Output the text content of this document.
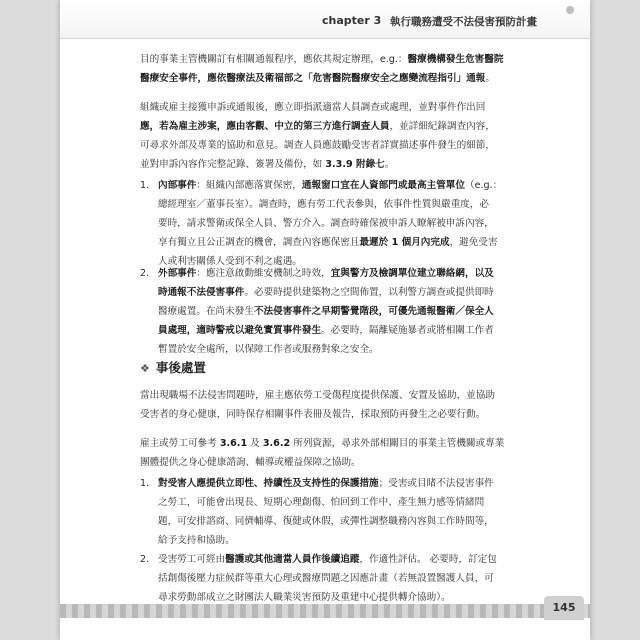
chapter 3 執行職務遭受不法侵害預防計畫
目的事業主管機關訂有相關通報程序，應依其規定辦理，e.g.：醫療機構發生危害醫院
醫療安全事件，應依醫療法及衛福部之「危害醫院醫療安全之應變流程指引」通報。
組織或雇主接獲申訴或通報後，應立即指派適當人員調查或處理，並對事件作出回
應，若為雇主涉案，應由客觀、中立的第三方進行調查人員，並詳細紀錄調查內容，
可尋求外部及專業的協助和意見。調查人員應鼓勵受害者詳實描述事件發生的細節，
並對申訴內容作完整記錄、簽署及備份，如 3.3.9 附錄七。
1. 內部事件：組織內部應落實保密，通報窗口宜在人資部門或最高主管單位（e.g.：
總經理室／董事長室）。調查時，應有勞工代表參與，依事件性質與嚴重度，必
要時，請求警衛或保全人員、警方介入。調查時確保被申訴人瞭解被申訴內容，
享有獨立且公正調查的機會，調查內容應保密且最遲於 1 個月內完成，避免受害
人或利害關係人受到不利之處遇。
2. 外部事件：應注意啟動維安機制之時效，宜與警方及檢調單位建立聯絡網，以及
時通報不法侵害事件。必要時提供建築物之空間佈置，以利警方調查或提供即時
醫療處置。在尚未發生不法侵害事件之早期警覺階段，可優先通報醫衛／保全人
員處理，適時警戒以避免實質事件發生。必要時，隔離疑施暴者或將相關工作者
暫置於安全處所，以保障工作者或服務對象之安全。
❖ 事後處置
當出現職場不法侵害問題時，雇主應依勞工受傷程度提供保護、安置及協助，並協助
受害者的身心健康，同時保存相關事件表冊及報告，採取預防再發生之必要行動。
雇主或勞工可參考 3.6.1 及 3.6.2 所列資源，尋求外部相關目的事業主管機關或專業
團體提供之身心健康諮詢、輔導或權益保障之協助。
1. 對受害人應提供立即性、持續性及支持性的保護措施；受害或目睹不法侵害事件
之勞工，可能會出現長、短期心理創傷、怕回到工作中、產生無力感等情緒問
題，可安排諮商、同儕輔導、復健或休假，或彈性調整職務內容與工作時間等，
給予支持和協助。
2. 受害勞工可經由醫護或其他適當人員作後續追蹤，作適性評估。 必要時，訂定包
括創傷後壓力症候群等重大心理或醫療問題之因應計畫（若無設置醫護人員，可
尋求勞動部成立之財團法人職業災害預防及重建中心提供轉介協助）。
145
